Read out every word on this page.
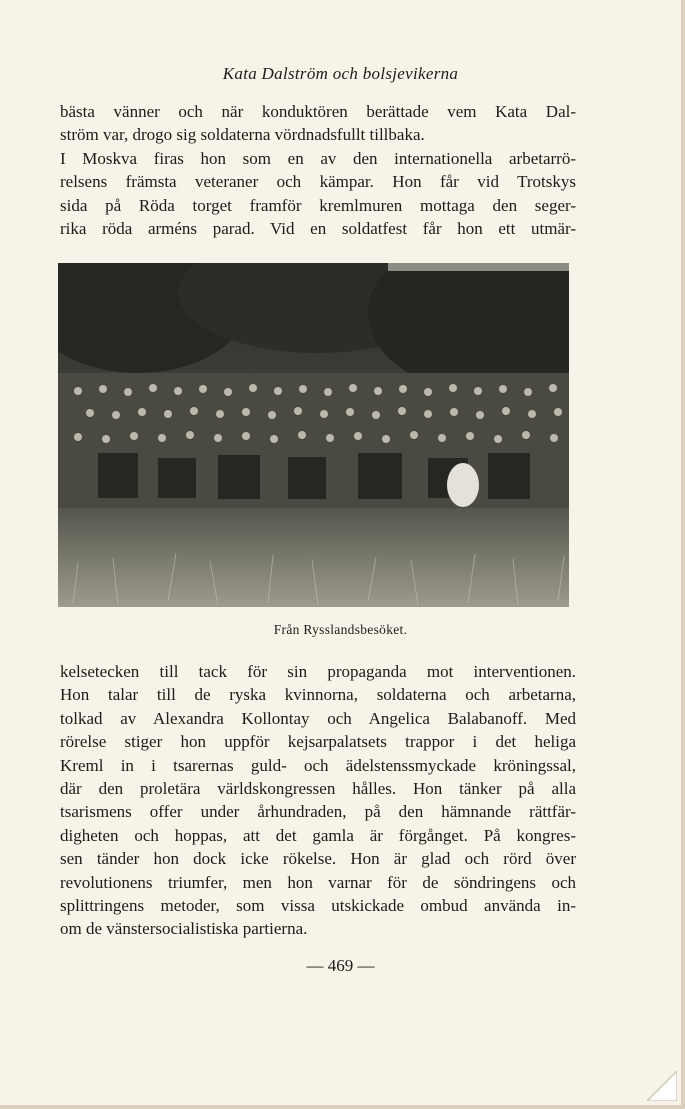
Kata Dalström och bolsjevikerna
bästa vänner och när konduktören berättade vem Kata Dal-
ström var, drogo sig soldaterna vördnadsfullt tillbaka.
I Moskva firas hon som en av den internationella arbetarrö-
relsens främsta veteraner och kämpar. Hon får vid Trotskys
sida på Röda torget framför kremlmuren mottaga den seger-
rika röda arméns parad. Vid en soldatfest får hon ett utmär-
Från Rysslandsbesöket.
kelsetecken till tack för sin propaganda mot interventionen.
Hon talar till de ryska kvinnorna, soldaterna och arbetarna,
tolkad av Alexandra Kollontay och Angelica Balabanoff. Med
rörelse stiger hon uppför kejsarpalatsets trappor i det heliga
Kreml in i tsarernas guld- och ädelstenssmyckade kröningssal,
där den proletära världskongressen hålles. Hon tänker på alla
tsarismens offer under århundraden, på den hämnande rättfär-
digheten och hoppas, att det gamla är förgånget. På kongres-
sen tänder hon dock icke rökelse. Hon är glad och rörd över
revolutionens triumfer, men hon varnar för de söndringens och
splittringens metoder, som vissa utskickade ombud använda in-
om de vänstersocialistiska partierna.
— 469 —
